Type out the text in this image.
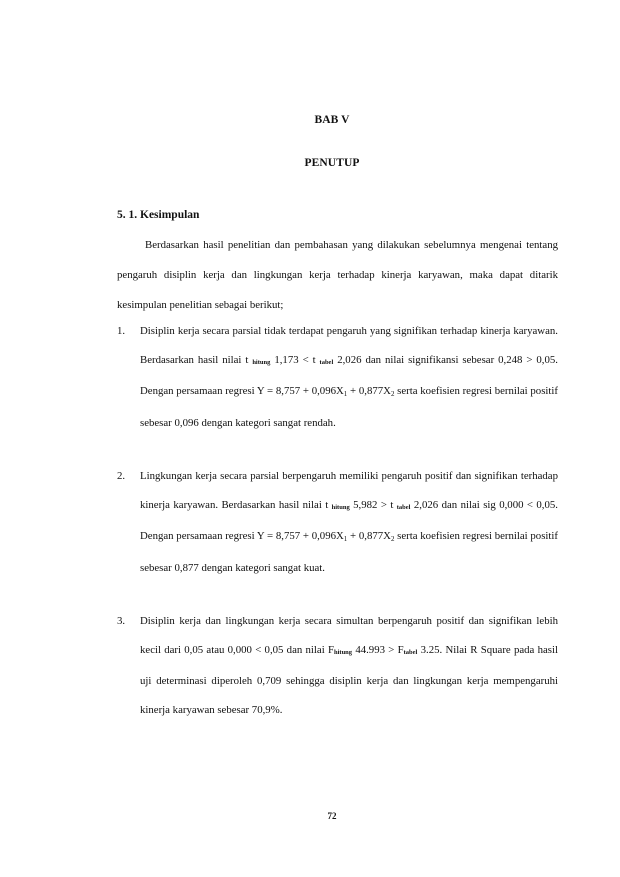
BAB V
PENUTUP
5. 1. Kesimpulan
Berdasarkan hasil penelitian dan pembahasan yang dilakukan sebelumnya mengenai tentang pengaruh disiplin kerja dan lingkungan kerja terhadap kinerja karyawan, maka dapat ditarik kesimpulan penelitian sebagai berikut;
1. Disiplin kerja secara parsial tidak terdapat pengaruh yang signifikan terhadap kinerja karyawan. Berdasarkan hasil nilai t hitung 1,173 < t tabel 2,026 dan nilai signifikansi sebesar 0,248 > 0,05. Dengan persamaan regresi Y = 8,757 + 0,096X1 + 0,877X2 serta koefisien regresi bernilai positif sebesar 0,096 dengan kategori sangat rendah.
2. Lingkungan kerja secara parsial berpengaruh memiliki pengaruh positif dan signifikan terhadap kinerja karyawan. Berdasarkan hasil nilai t hitung 5,982 > t tabel 2,026 dan nilai sig 0,000 < 0,05. Dengan persamaan regresi Y = 8,757 + 0,096X1 + 0,877X2 serta koefisien regresi bernilai positif sebesar 0,877 dengan kategori sangat kuat.
3. Disiplin kerja dan lingkungan kerja secara simultan berpengaruh positif dan signifikan lebih kecil dari 0,05 atau 0,000 < 0,05 dan nilai Fhitung 44.993 > Ftabel 3.25. Nilai R Square pada hasil uji determinasi diperoleh 0,709 sehingga disiplin kerja dan lingkungan kerja mempengaruhi kinerja karyawan sebesar 70,9%.
72
